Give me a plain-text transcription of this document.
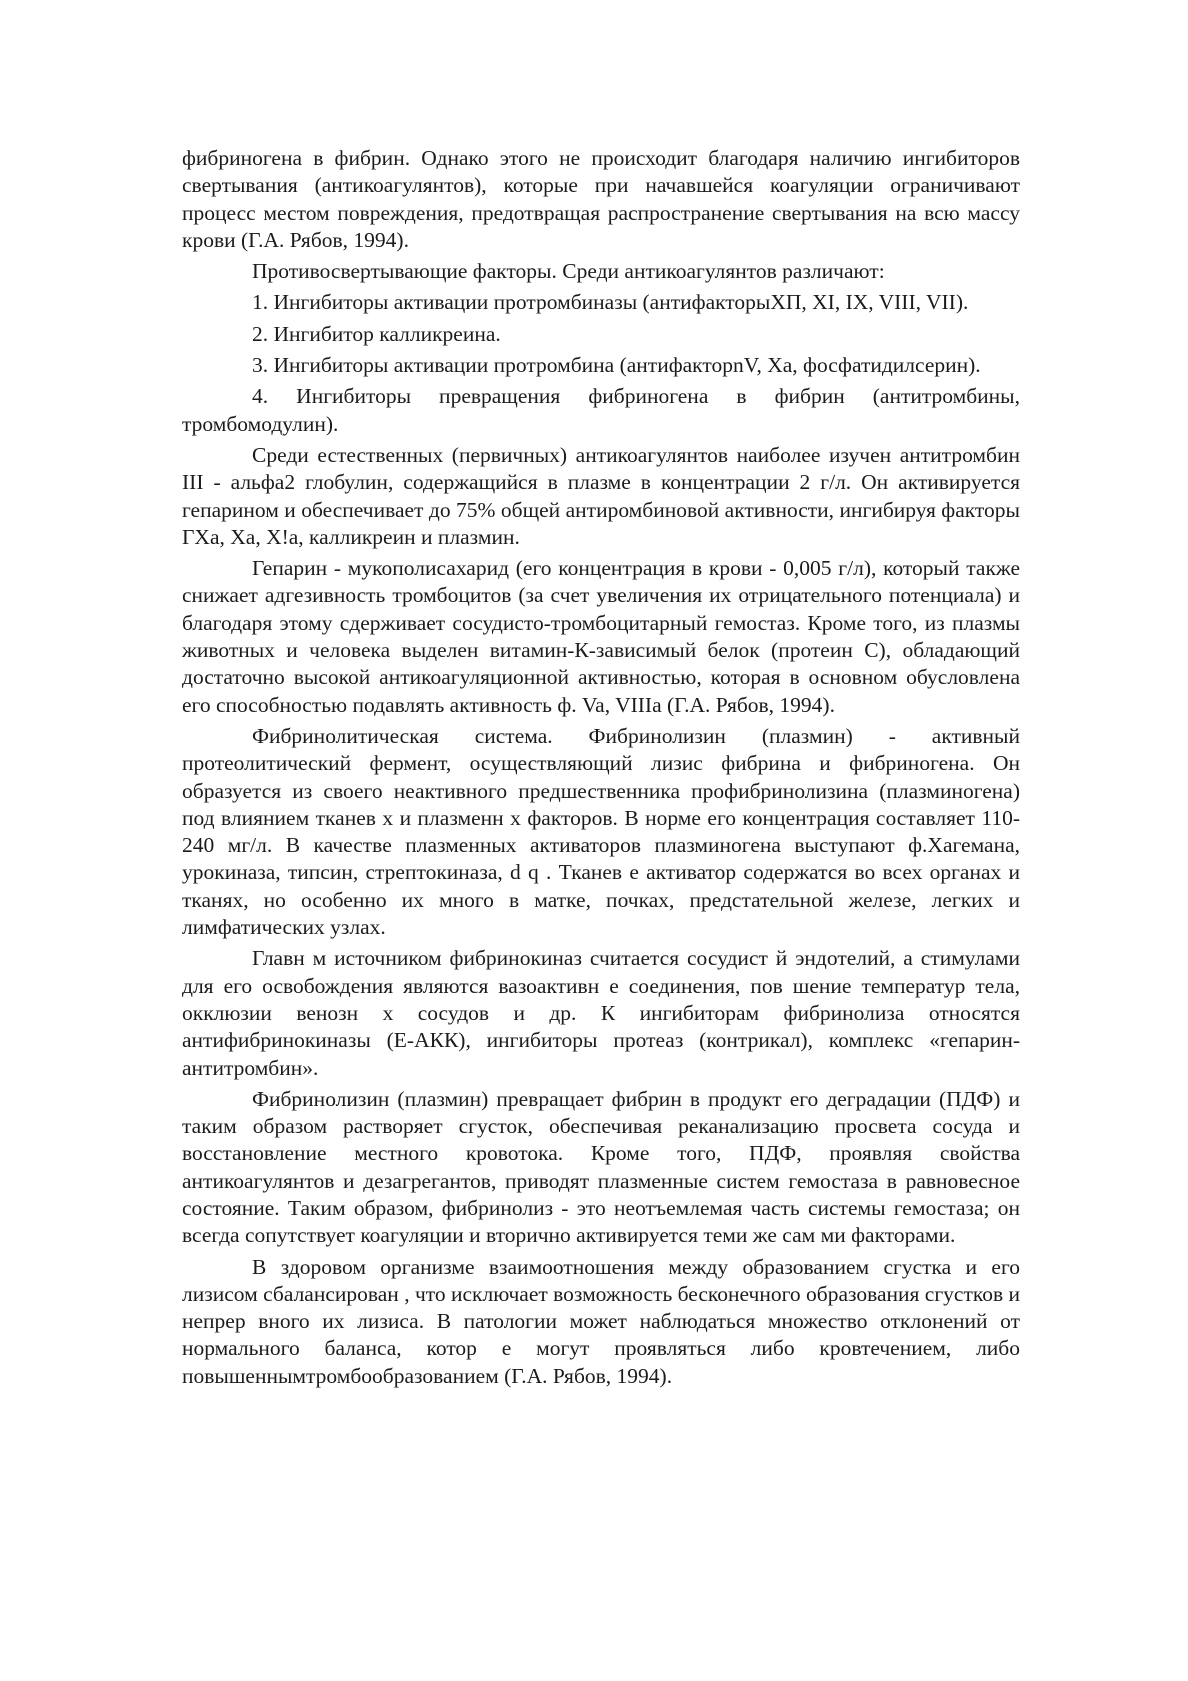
фибриногена в фибрин. Однако этого не происходит благодаря наличию ингибиторов свертывания (антикоагулянтов), которые при начавшейся коагуляции ограничивают процесс местом повреждения, предотвращая распространение свертывания на всю массу крови (Г.А. Рябов, 1994).

Противосвертывающие факторы. Среди антикоагулянтов различают:

1. Ингибиторы активации протромбиназы (антифакторыХП, XI, IX, VIII, VII).

2. Ингибитор калликреина.

3. Ингибиторы активации протромбина (антифакторnV, Ха, фосфатидилсерин).

4. Ингибиторы превращения фибриногена в фибрин (антитромбины, тромбомодулин).

Среди естественных (первичных) антикоагулянтов наиболее изучен антитромбин III - альфа2 глобулин, содержащийся в плазме в концентрации 2 г/л. Он активируется гепарином и обеспечивает до 75% общей антиромбиновой активности, ингибируя факторы ГХа, Ха, Х!а, калликреин и плазмин.

Гепарин - мукополисахарид (его концентрация в крови - 0,005 г/л), который также снижает адгезивность тромбоцитов (за счет увеличения их отрицательного потенциала) и благодаря этому сдерживает сосудисто-тромбоцитарный гемостаз. Кроме того, из плазмы животных и человека выделен витамин-К-зависимый белок (протеин С), обладающий достаточно высокой антикоагуляционной активностью, которая в основном обусловлена его способностью подавлять активность ф. Va, VIIIa (Г.А. Рябов, 1994).

Фибринолитическая система. Фибринолизин (плазмин) - активный протеолитический фермент, осуществляющий лизис фибрина и фибриногена. Он образуется из своего неактивного предшественника профибринолизина (плазминогена) под влиянием тканев х и плазменн х факторов. В норме его концентрация составляет 110-240 мг/л. В качестве плазменных активаторов плазминогена выступают ф.Хагемана, урокиназа, типсин, стрептокиназа, d q . Тканев е активатор содержатся во всех органах и тканях, но особенно их много в матке, почках, предстательной железе, легких и лимфатических узлах.

Главн м источником фибринокиназ считается сосудист й эндотелий, а стимулами для его освобождения являются вазоактивн е соединения, пов шение температур тела, окклюзии венозн х сосудов и др. К ингибиторам фибринолиза относятся антифибринокиназы (Е-АКК), ингибиторы протеаз (контрикал), комплекс «гепарин-антитромбин».

Фибринолизин (плазмин) превращает фибрин в продукт его деградации (ПДФ) и таким образом растворяет сгусток, обеспечивая реканализацию просвета сосуда и восстановление местного кровотока. Кроме того, ПДФ, проявляя свойства антикоагулянтов и дезагрегантов, приводят плазменные систем гемостаза в равновесное состояние. Таким образом, фибринолиз - это неотъемлемая часть системы гемостаза; он всегда сопутствует коагуляции и вторично активируется теми же сам ми факторами.

В здоровом организме взаимоотношения между образованием сгустка и его лизисом сбалансирован , что исключает возможность бесконечного образования сгустков и непрер вного их лизиса. В патологии может наблюдаться множество отклонений от нормального баланса, котор е могут проявляться либо кровтечением, либо повышеннымтромбообразованием (Г.А. Рябов, 1994).
